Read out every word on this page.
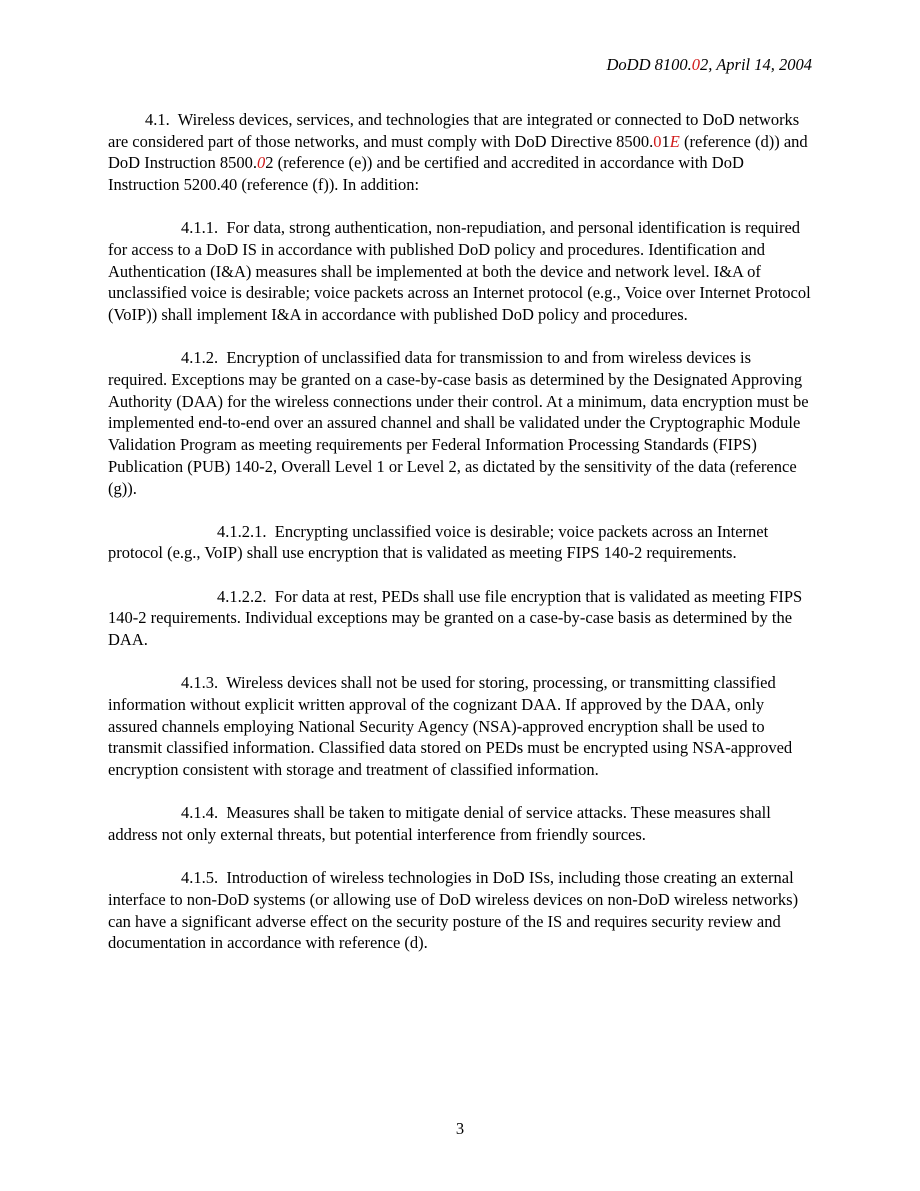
DoDD 8100.02, April 14, 2004

4.1. Wireless devices, services, and technologies that are integrated or connected to DoD networks are considered part of those networks, and must comply with DoD Directive 8500.01E (reference (d)) and DoD Instruction 8500.02 (reference (e)) and be certified and accredited in accordance with DoD Instruction 5200.40 (reference (f)). In addition:

4.1.1. For data, strong authentication, non-repudiation, and personal identification is required for access to a DoD IS in accordance with published DoD policy and procedures. Identification and Authentication (I&A) measures shall be implemented at both the device and network level. I&A of unclassified voice is desirable; voice packets across an Internet protocol (e.g., Voice over Internet Protocol (VoIP)) shall implement I&A in accordance with published DoD policy and procedures.

4.1.2. Encryption of unclassified data for transmission to and from wireless devices is required. Exceptions may be granted on a case-by-case basis as determined by the Designated Approving Authority (DAA) for the wireless connections under their control. At a minimum, data encryption must be implemented end-to-end over an assured channel and shall be validated under the Cryptographic Module Validation Program as meeting requirements per Federal Information Processing Standards (FIPS) Publication (PUB) 140-2, Overall Level 1 or Level 2, as dictated by the sensitivity of the data (reference (g)).

4.1.2.1. Encrypting unclassified voice is desirable; voice packets across an Internet protocol (e.g., VoIP) shall use encryption that is validated as meeting FIPS 140-2 requirements.

4.1.2.2. For data at rest, PEDs shall use file encryption that is validated as meeting FIPS 140-2 requirements. Individual exceptions may be granted on a case-by-case basis as determined by the DAA.

4.1.3. Wireless devices shall not be used for storing, processing, or transmitting classified information without explicit written approval of the cognizant DAA. If approved by the DAA, only assured channels employing National Security Agency (NSA)-approved encryption shall be used to transmit classified information. Classified data stored on PEDs must be encrypted using NSA-approved encryption consistent with storage and treatment of classified information.

4.1.4. Measures shall be taken to mitigate denial of service attacks. These measures shall address not only external threats, but potential interference from friendly sources.

4.1.5. Introduction of wireless technologies in DoD ISs, including those creating an external interface to non-DoD systems (or allowing use of DoD wireless devices on non-DoD wireless networks) can have a significant adverse effect on the security posture of the IS and requires security review and documentation in accordance with reference (d).

3
